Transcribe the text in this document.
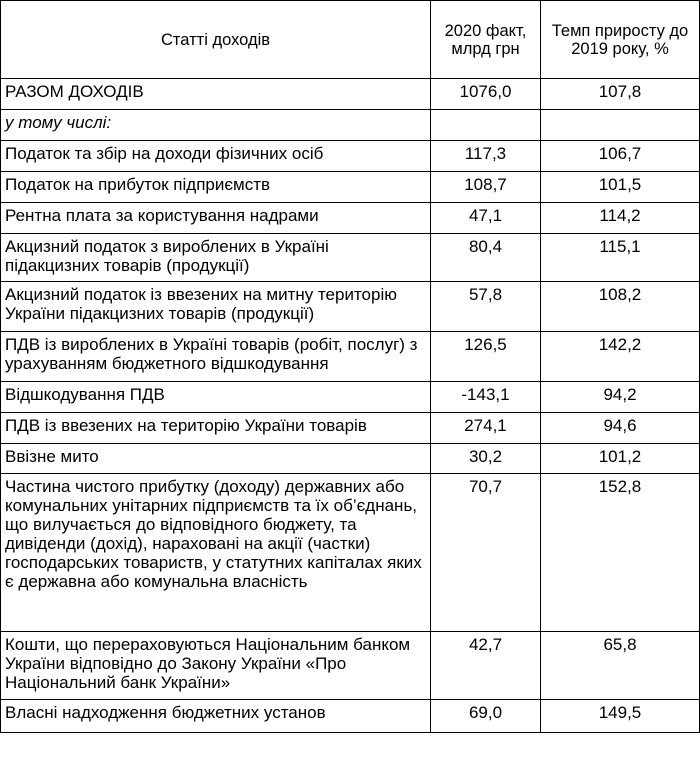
Статті доходів	2020 факт, млрд грн	Темп приросту до 2019 року, %
РАЗОМ ДОХОДІВ	1076,0	107,8
у тому числі:		
Податок та збір на доходи фізичних осіб	117,3	106,7
Податок на прибуток підприємств	108,7	101,5
Рентна плата за користування надрами	47,1	114,2
Акцизний податок з вироблених в Україні підакцизних товарів (продукції)	80,4	115,1
Акцизний податок із ввезених на митну територію України підакцизних товарів (продукції)	57,8	108,2
ПДВ із вироблених в Україні товарів (робіт, послуг) з урахуванням бюджетного відшкодування	126,5	142,2
Відшкодування ПДВ	-143,1	94,2
ПДВ із ввезених на територію України товарів	274,1	94,6
Ввізне мито	30,2	101,2
Частина чистого прибутку (доходу) державних або комунальних унітарних підприємств та їх об’єднань, що вилучається до відповідного бюджету, та дивіденди (дохід), нараховані на акції (частки) господарських товариств, у статутних капіталах яких є державна або комунальна власність	70,7	152,8
Кошти, що перераховуються Національним банком України відповідно до Закону України «Про Національний банк України»	42,7	65,8
Власні надходження бюджетних установ	69,0	149,5
